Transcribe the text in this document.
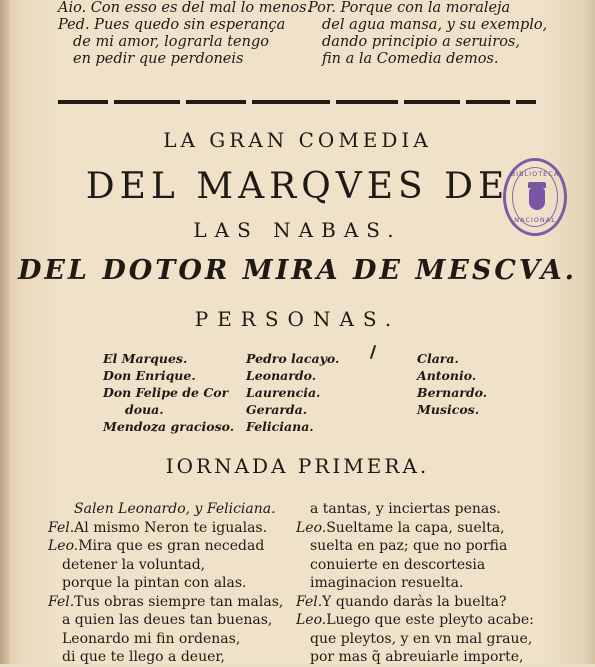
Aio. Con esso es del mal lo menos.
Ped. Pues quedo sin esperança
de mi amor, lograrla tengo
en pedir que perdoneis
Por. Porque con la moraleja
del agua mansa, y su exemplo,
dando principio a seruiros,
fin a la Comedia demos.
LA GRAN COMEDIA
DEL MARQVES DE
LAS NABAS.
DEL DOTOR MIRA DE MESCVA.
PERSONAS.
BIBLIOTECA
NACIONAL
El Marques.
Don Enrique.
Don Felipe de Cor
doua.
Mendoza gracioso.
Pedro lacayo.
Leonardo.
Laurencia.
Gerarda.
Feliciana.
Clara.
Antonio.
Bernardo.
Musicos.
IORNADA PRIMERA.
Salen Leonardo, y Feliciana.
Fel.Al mismo Neron te igualas.
Leo.Mira que es gran necedad
detener la voluntad,
porque la pintan con alas.
Fel.Tus obras siempre tan malas,
a quien las deues tan buenas,
Leonardo mi fin ordenas,
di que te llego a deuer,
a tantas, y inciertas penas.
Leo.Sueltame la capa, suelta,
suelta en paz; que no porfia
conuierte en descortesia
imaginacion resuelta.
Fel.Y quando daràs la buelta?
Leo.Luego que este pleyto acabe:
que pleytos, y en vn mal graue,
por mas q̃ abreuiarle importe,
